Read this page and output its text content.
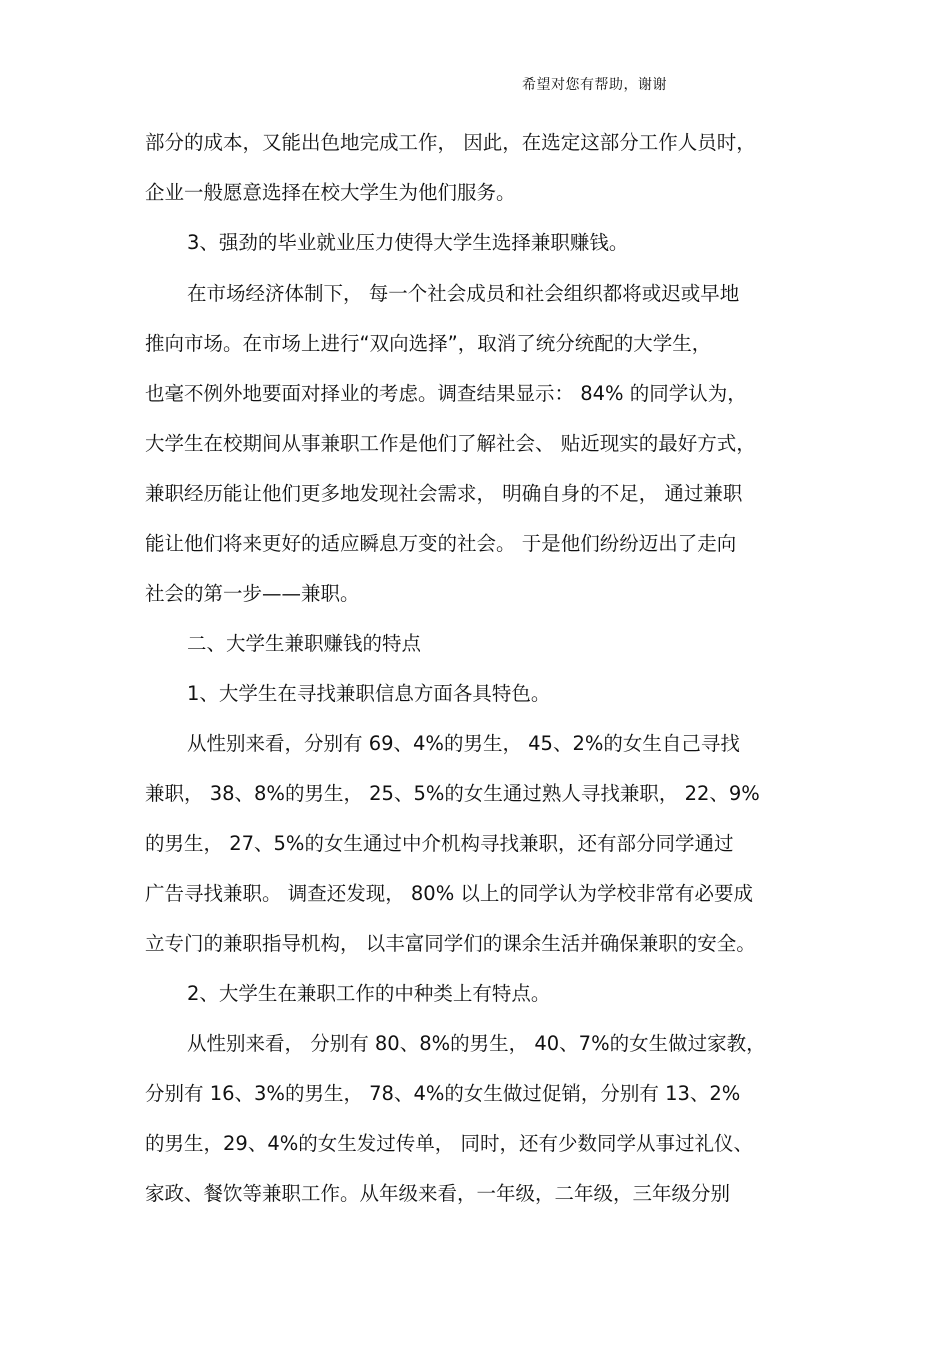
希望对您有帮助，谢谢
部分的成本，又能出色地完成工作， 因此，在选定这部分工作人员时，
企业一般愿意选择在校大学生为他们服务。
3、强劲的毕业就业压力使得大学生选择兼职赚钱。
在市场经济体制下， 每一个社会成员和社会组织都将或迟或早地
推向市场。在市场上进行“双向选择”，取消了统分统配的大学生，
也毫不例外地要面对择业的考虑。调查结果显示： 84% 的同学认为，
大学生在校期间从事兼职工作是他们了解社会、 贴近现实的最好方式，
兼职经历能让他们更多地发现社会需求， 明确自身的不足， 通过兼职
能让他们将来更好的适应瞬息万变的社会。 于是他们纷纷迈出了走向
社会的第一步——兼职。
二、大学生兼职赚钱的特点
1、大学生在寻找兼职信息方面各具特色。
从性别来看，分别有 69、4%的男生， 45、2%的女生自己寻找
兼职， 38、8%的男生， 25、5%的女生通过熟人寻找兼职， 22、9%
的男生， 27、5%的女生通过中介机构寻找兼职，还有部分同学通过
广告寻找兼职。 调查还发现， 80% 以上的同学认为学校非常有必要成
立专门的兼职指导机构， 以丰富同学们的课余生活并确保兼职的安全。
2、大学生在兼职工作的中种类上有特点。
从性别来看， 分别有 80、8%的男生， 40、7%的女生做过家教，
分别有 16、3%的男生， 78、4%的女生做过促销，分别有 13、2%
的男生，29、4%的女生发过传单， 同时，还有少数同学从事过礼仪、
家政、餐饮等兼职工作。从年级来看，一年级，二年级，三年级分别
